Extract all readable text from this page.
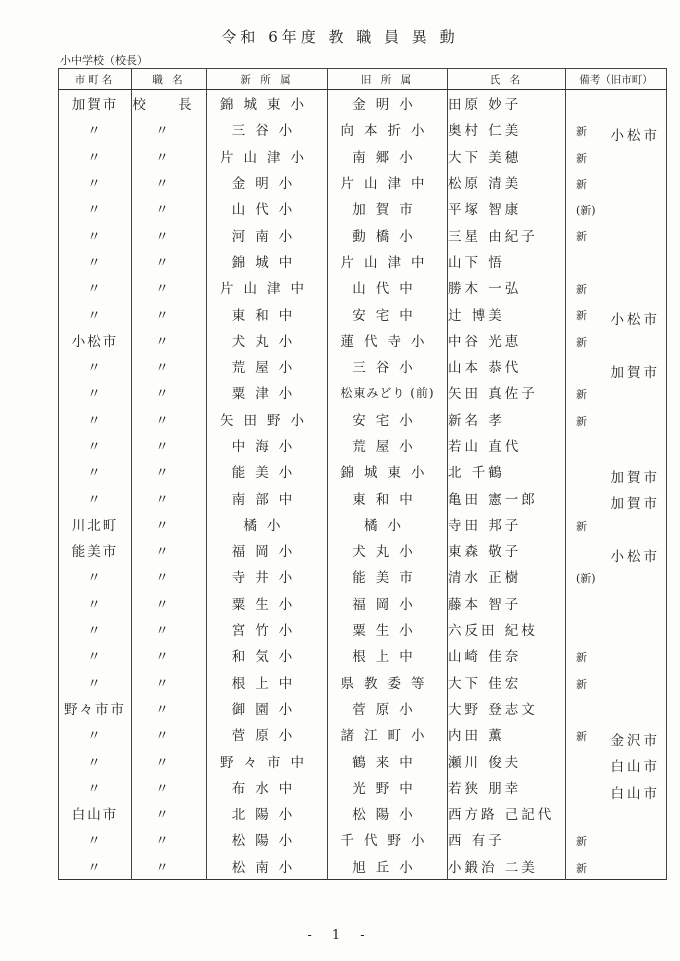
令和 6年度 教 職 員 異 動
小中学校（校長）
市町名	職 名	新 所 属	旧 所 属	氏 名	備考（旧市町）
加賀市	校 長	錦城東小	金明小	田原 妙子	

〃	〃	三谷小	向本折小	奥村 仁美	新 小松市

〃	〃	片山津小	南郷小	大下 美穂	新

〃	〃	金明小	片山津中	松原 清美	新

〃	〃	山代小	加賀市	平塚 智康	(新)

〃	〃	河南小	動橋小	三星 由紀子	新

〃	〃	錦城中	片山津中	山下 悟	

〃	〃	片山津中	山代中	勝木 一弘	新

〃	〃	東和中	安宅中	辻 博美	新 小松市

小松市	〃	犬丸小	蓮代寺小	中谷 光恵	新

〃	〃	荒屋小	三谷小	山本 恭代	加賀市

〃	〃	粟津小	松東みどり (前)	矢田 真佐子	新

〃	〃	矢田野小	安宅小	新名 孝	新

〃	〃	中海小	荒屋小	若山 直代	

〃	〃	能美小	錦城東小	北 千鶴	加賀市

〃	〃	南部中	東和中	亀田 憲一郎	加賀市

川北町	〃	橘小	橘小	寺田 邦子	新

能美市	〃	福岡小	犬丸小	東森 敬子	小松市

〃	〃	寺井小	能美市	清水 正樹	(新)

〃	〃	粟生小	福岡小	藤本 智子	

〃	〃	宮竹小	粟生小	六反田 紀枝	

〃	〃	和気小	根上中	山崎 佳奈	新

〃	〃	根上中	県教委等	大下 佳宏	新

野々市市	〃	御園小	菅原小	大野 登志文	

〃	〃	菅原小	諸江町小	内田 薫	新 金沢市

〃	〃	野々市中	鶴来中	瀬川 俊夫	白山市

〃	〃	布水中	光野中	若狭 朋幸	白山市

白山市	〃	北陽小	松陽小	西方路 己記代	

〃	〃	松陽小	千代野小	西 有子	新

〃	〃	松南小	旭丘小	小鍛治 二美	新
- 1 -
